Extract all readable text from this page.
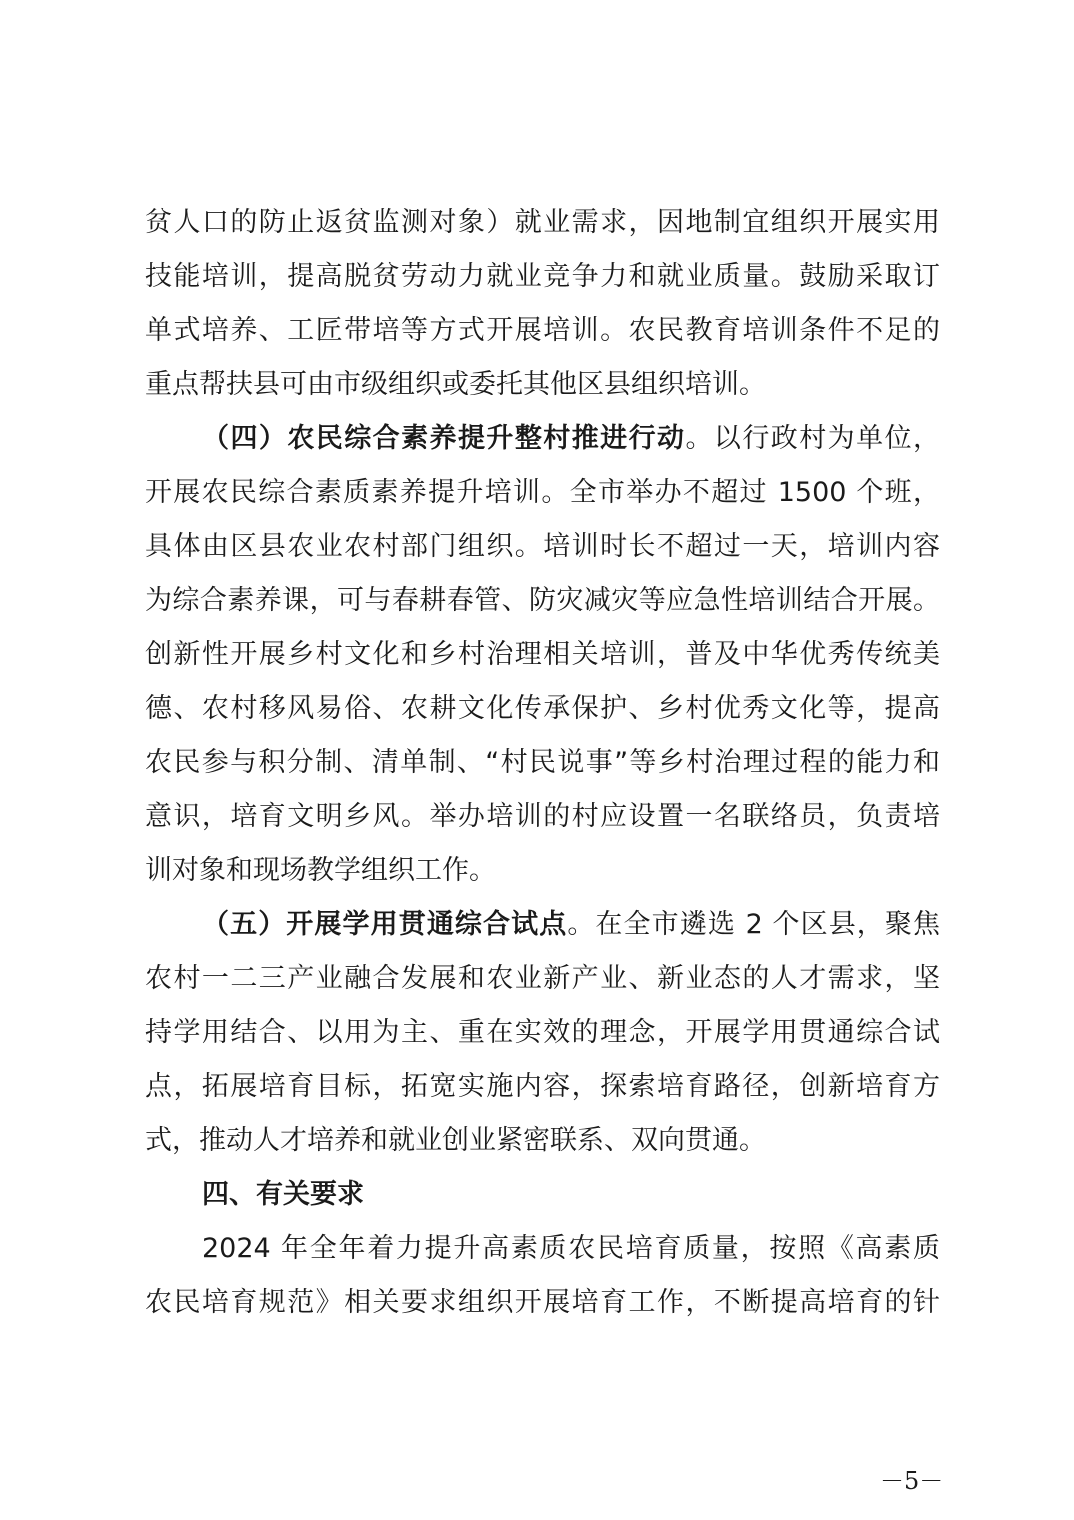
贫人口的防止返贫监测对象）就业需求，因地制宜组织开展实用
技能培训，提高脱贫劳动力就业竞争力和就业质量。鼓励采取订
单式培养、工匠带培等方式开展培训。农民教育培训条件不足的
重点帮扶县可由市级组织或委托其他区县组织培训。
（四）农民综合素养提升整村推进行动。以行政村为单位，
开展农民综合素质素养提升培训。全市举办不超过 1500 个班，
具体由区县农业农村部门组织。培训时长不超过一天，培训内容
为综合素养课，可与春耕春管、防灾减灾等应急性培训结合开展。
创新性开展乡村文化和乡村治理相关培训，普及中华优秀传统美
德、农村移风易俗、农耕文化传承保护、乡村优秀文化等，提高
农民参与积分制、清单制、“村民说事”等乡村治理过程的能力和
意识，培育文明乡风。举办培训的村应设置一名联络员，负责培
训对象和现场教学组织工作。
（五）开展学用贯通综合试点。在全市遴选 2 个区县，聚焦
农村一二三产业融合发展和农业新产业、新业态的人才需求，坚
持学用结合、以用为主、重在实效的理念，开展学用贯通综合试
点，拓展培育目标，拓宽实施内容，探索培育路径，创新培育方
式，推动人才培养和就业创业紧密联系、双向贯通。
四、有关要求
2024 年全年着力提升高素质农民培育质量，按照《高素质
农民培育规范》相关要求组织开展培育工作，不断提高培育的针
－5－
